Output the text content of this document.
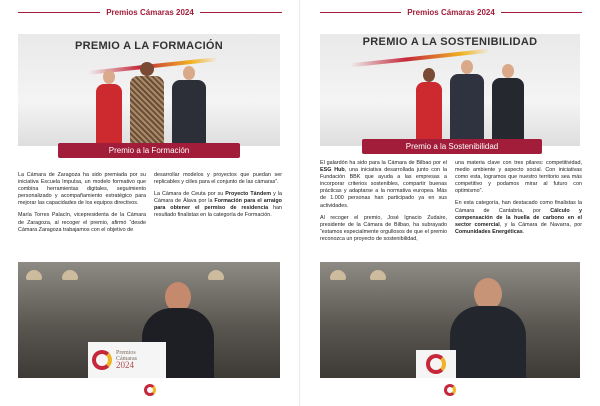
Premios Cámaras 2024
PREMIO A LA FORMACIÓN
Premio a la Formación

La Cámara de Zaragoza ha sido premiada por su iniciativa Escuela Impulsa, un modelo formativo que combina herramientas digitales, seguimiento personalizado y acompañamiento estratégico para mejorar las capacidades de los equipos directivos.

María Torres Palacín, vicepresidenta de la Cámara de Zaragoza, al recoger el premio, afirmó “desde Cámara Zaragoza trabajamos con el objetivo de

desarrollar modelos y proyectos que puedan ser replicables y ciiles para el conjunto de las cámaras”.

La Cámara de Ceuta por su Proyecto Tándem y la Cámara de Álava por la Formación para el arraigo para obtener el permiso de residencia han resultado finalistas en la categoría de Formación.

Premios
Cámaras
2024
Premios Cámaras 2024
PREMIO A LA SOSTENIBILIDAD
Premio a la Sostenibilidad

El galardón ha sido para la Cámara de Bilbao por el ESG Hub, una iniciativa desarrollada junto con la Fundación BBK que ayuda a las empresas a incorporar criterios sostenibles, compartir buenas prácticas y adaptarse a la normativa europea. Más de 1.000 personas han participado ya en sus actividades.

Al recoger el premio, José Ignacio Zudaire, presidente de la Cámara de Bilbao, ha subrayado “estamos especialmente orgullosos de que el premio reconozca un proyecto de sostenibilidad,

una materia clave con tres pilares: competitividad, medio ambiente y aspecto social. Con iniciativas como esta, logramos que nuestro territorio sea más competitivo y podamos mirar al futuro con optimismo”.

En esta categoría, han destacado como finalistas la Cámara de Cantabria, por Cálculo y compensación de la huella de carbono en el sector comercial, y la Cámara de Navarra, por Comunidades Energéticas.
